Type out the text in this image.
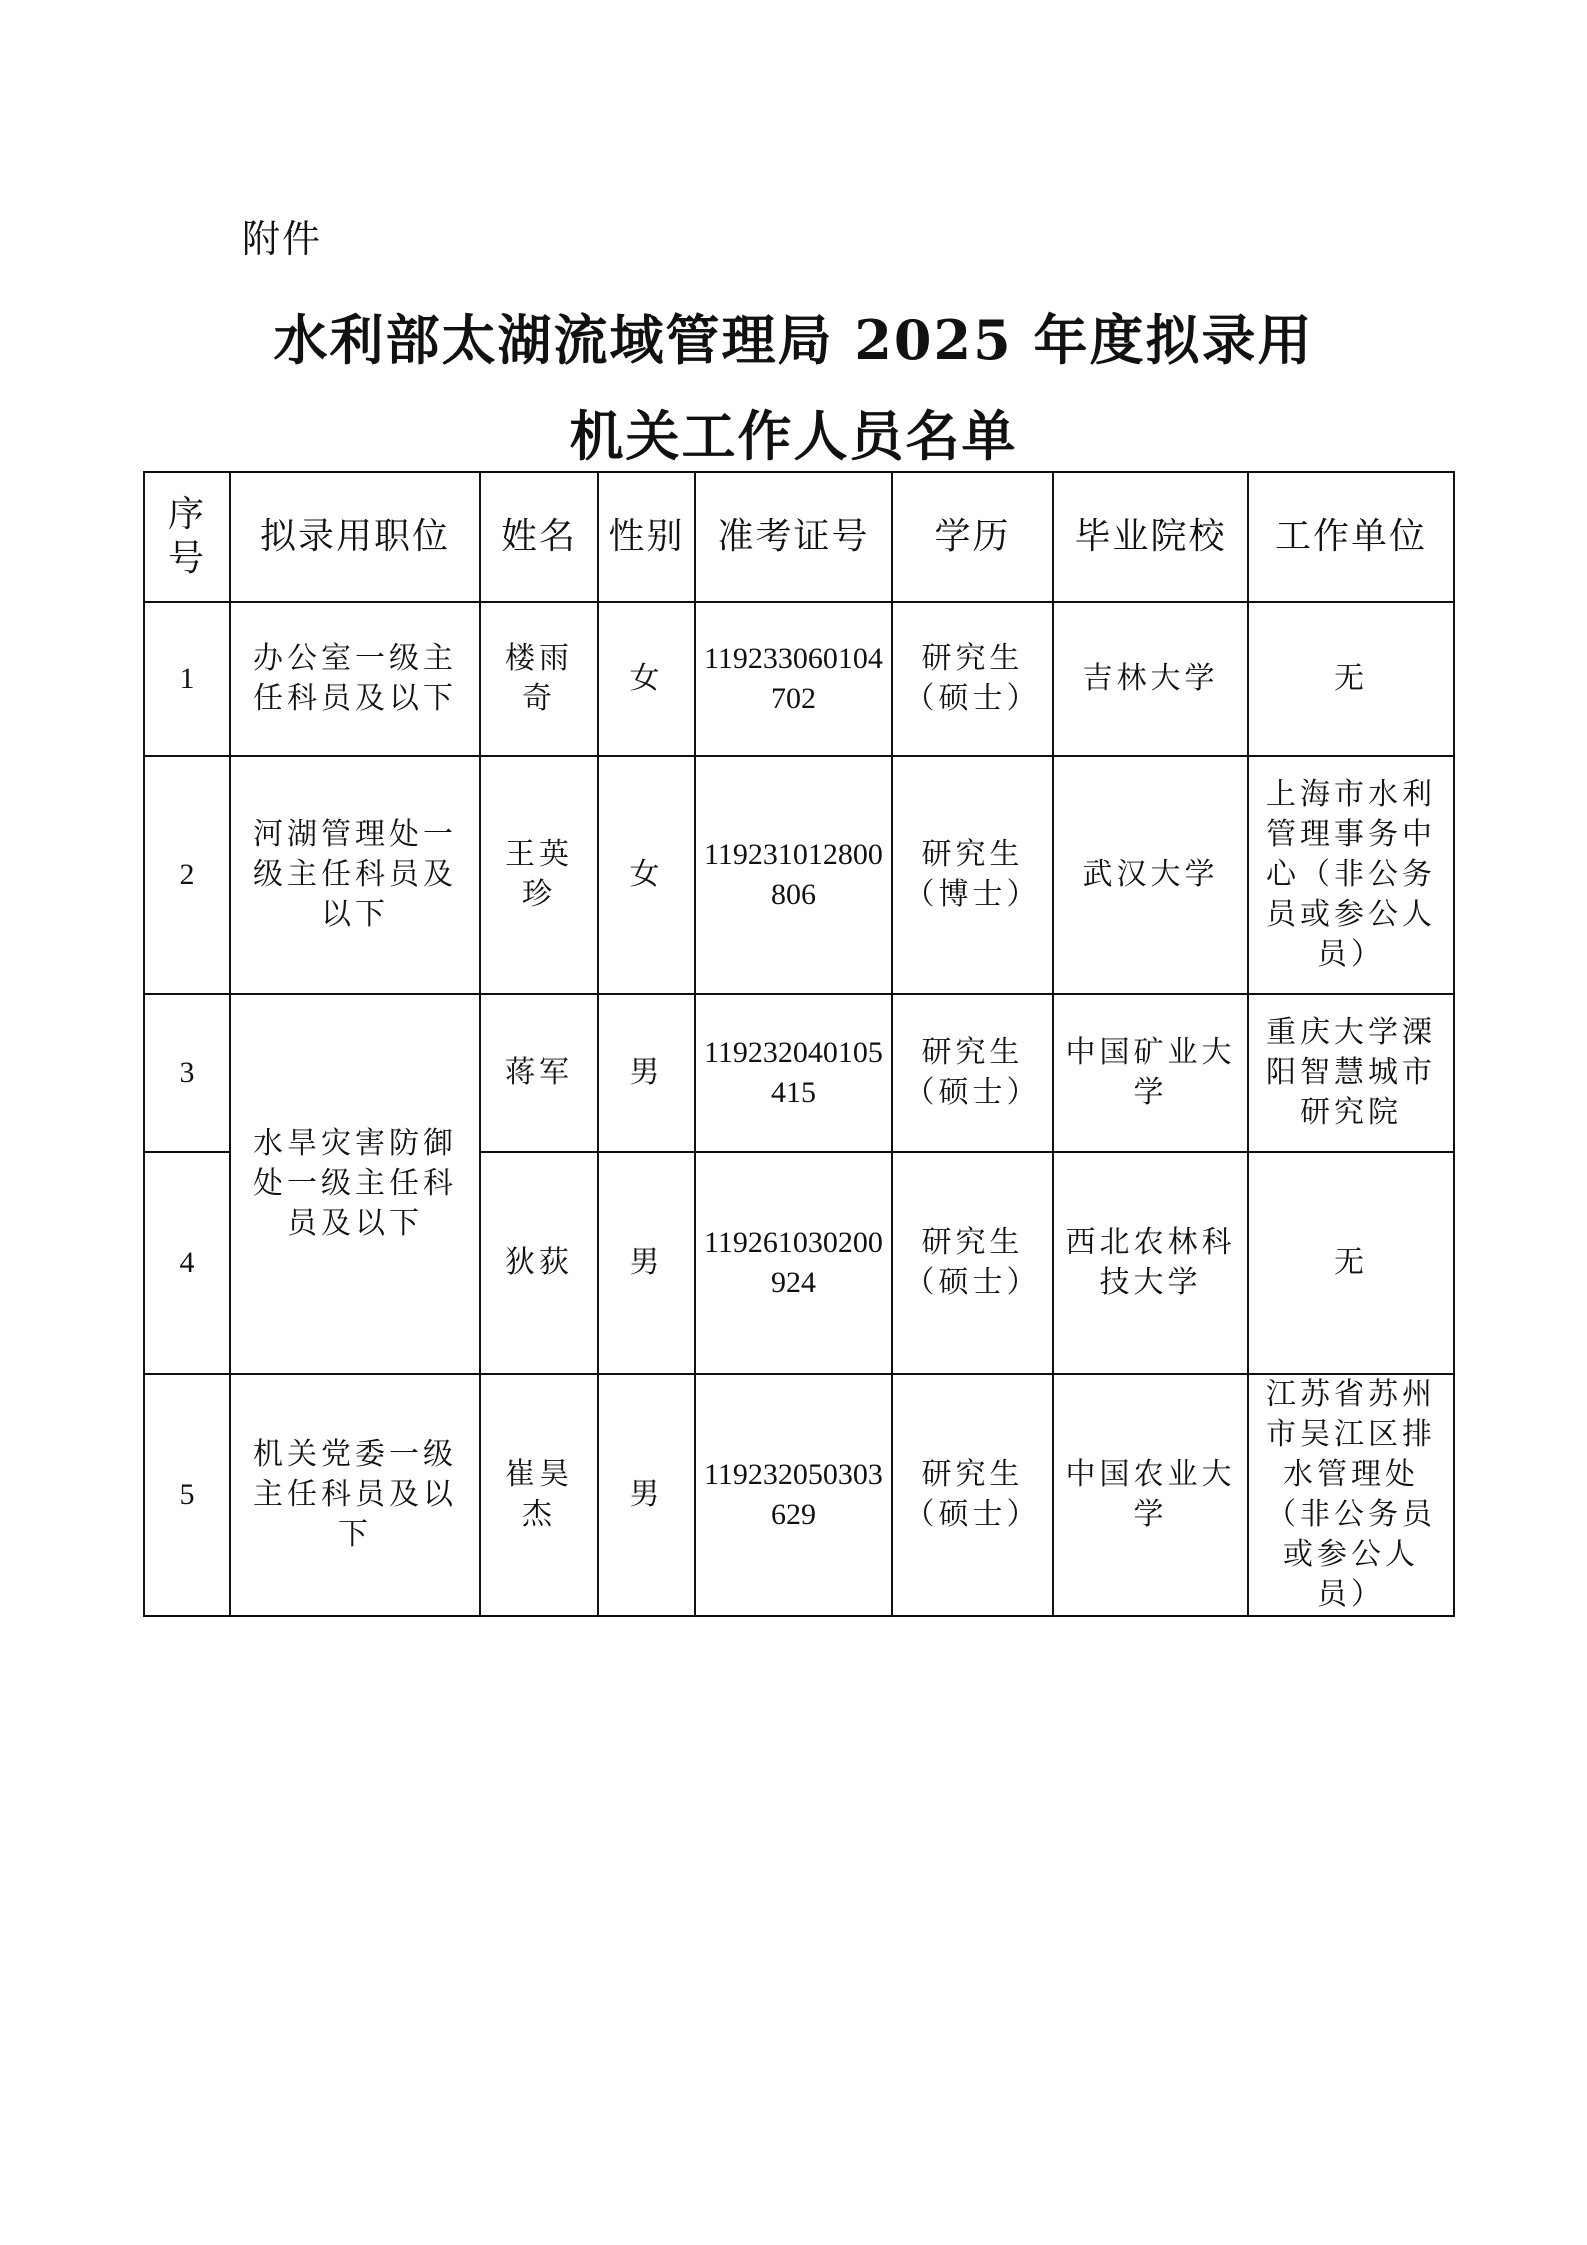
附件
水利部太湖流域管理局 2025 年度拟录用
机关工作人员名单
序号	拟录用职位	姓名	性别	准考证号	学历	毕业院校	工作单位
1	办公室一级主任科员及以下	楼雨奇	女	119233060104702	研究生（硕士）	吉林大学	无
2	河湖管理处一级主任科员及以下	王英珍	女	119231012800806	研究生（博士）	武汉大学	上海市水利管理事务中心（非公务员或参公人员）
3	水旱灾害防御处一级主任科员及以下	蒋军	男	119232040105415	研究生（硕士）	中国矿业大学	重庆大学溧阳智慧城市研究院
4		狄荻	男	119261030200924	研究生（硕士）	西北农林科技大学	无
5	机关党委一级主任科员及以下	崔昊杰	男	119232050303629	研究生（硕士）	中国农业大学	江苏省苏州市吴江区排水管理处（非公务员或参公人员）
